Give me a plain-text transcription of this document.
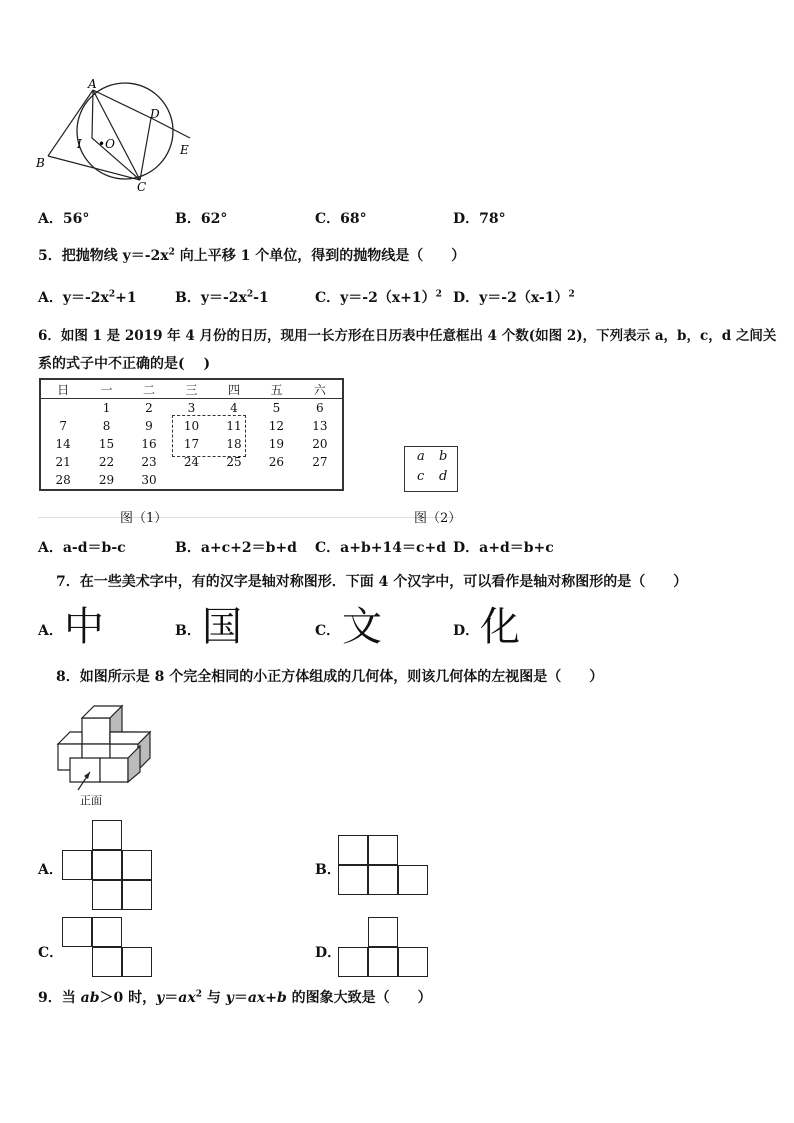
A
B
C
D
E
I •O
A．56°	B．62°	C．68°	D．78°
5．把抛物线 $y=-2x^2$ 向上平移 1 个单位，得到的抛物线是（　　）
A．$y=-2x^2+1$	B．$y=-2x^2-1$	C．$y=-2(x+1)^2$ D．$y=-2(x-1)^2$
6．如图 1 是 2019 年 4 月份的日历，现用一长方形在日历表中任意框出 4 个数(如图 2)，下列表示 a，b，c，d 之间关
系的式子中不正确的是(　 )
日	一	二	三	四	五	六
	1	2	3	4	5	6
7	8	9	10	11	12	13
14	15	16	17	18	19	20
21	22	23	24	25	26	27
28	29	30				
a b
c d
图（1）	图（2）
A．a-d＝b-c	B．a+c+2＝b+d C．a+b+14＝c+d D．a+d＝b+c
7．在一些美术字中，有的汉字是轴对称图形．下面 4 个汉字中，可以看作是轴对称图形的是（　　）
A． 中	B． 国	C． 文	D． 化
8．如图所示是 8 个完全相同的小正方体组成的几何体，则该几何体的左视图是（　　）
正面
A．	B．
C．	D．
9．当 ab＞0 时，$y=ax^2$ 与 y＝ax+b 的图象大致是（　　）
